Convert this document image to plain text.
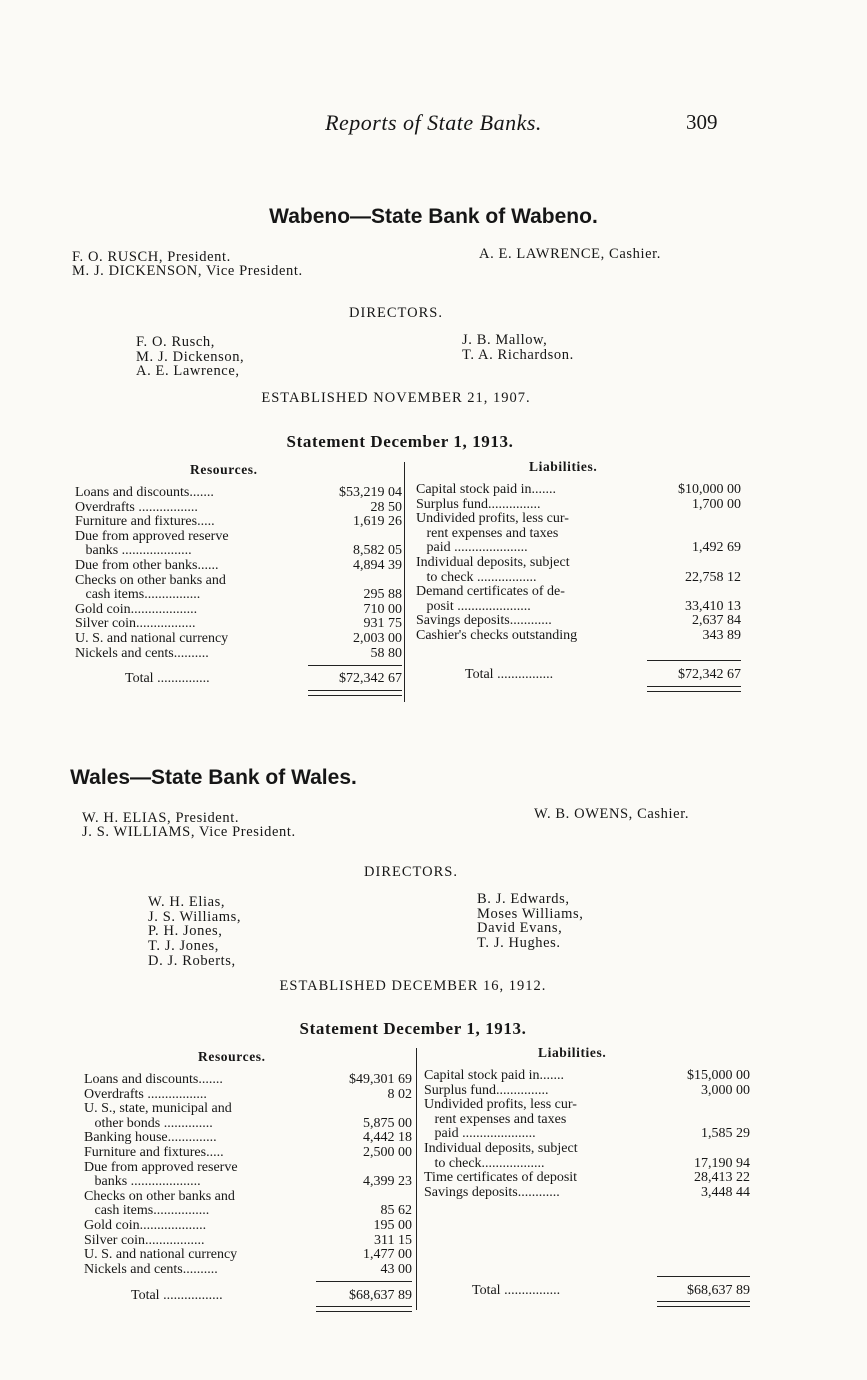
Reports of State Banks.	309
Wabeno—State Bank of Wabeno.
F. O. RUSCH, President.
M. J. DICKENSON, Vice President.
A. E. LAWRENCE, Cashier.
DIRECTORS.
F. O. Rusch,
M. J. Dickenson,
A. E. Lawrence,
J. B. Mallow,
T. A. Richardson.
ESTABLISHED NOVEMBER 21, 1907.
Statement December 1, 1913.
Resources.	Liabilities.
Loans and discounts.......	$53,219 04
Overdrafts .................	28 50
Furniture and fixtures.....	1,619 26
Due from approved reserve
banks ....................	8,582 05
Due from other banks......	4,894 39
Checks on other banks and
cash items................	295 88
Gold coin...................	710 00
Silver coin.................	931 75
U. S. and national currency	2,003 00
Nickels and cents..........	58 80
Total ...............	$72,342 67
Capital stock paid in.......	$10,000 00
Surplus fund...............	1,700 00
Undivided profits, less cur-
rent expenses and taxes
paid .....................	1,492 69
Individual deposits, subject
to check .................	22,758 12
Demand certificates of de-
posit .....................	33,410 13
Savings deposits............	2,637 84
Cashier's checks outstanding	343 89
Total ................	$72,342 67
Wales—State Bank of Wales.
W. H. ELIAS, President.
J. S. WILLIAMS, Vice President.
W. B. OWENS, Cashier.
DIRECTORS.
W. H. Elias,
J. S. Williams,
P. H. Jones,
T. J. Jones,
D. J. Roberts,
B. J. Edwards,
Moses Williams,
David Evans,
T. J. Hughes.
ESTABLISHED DECEMBER 16, 1912.
Statement December 1, 1913.
Resources.	Liabilities.
Loans and discounts.......	$49,301 69
Overdrafts .................	8 02
U. S., state, municipal and
other bonds ..............	5,875 00
Banking house..............	4,442 18
Furniture and fixtures.....	2,500 00
Due from approved reserve
banks ....................	4,399 23
Checks on other banks and
cash items................	85 62
Gold coin...................	195 00
Silver coin.................	311 15
U. S. and national currency	1,477 00
Nickels and cents..........	43 00
Total .................	$68,637 89
Capital stock paid in.......	$15,000 00
Surplus fund...............	3,000 00
Undivided profits, less cur-
rent expenses and taxes
paid .....................	1,585 29
Individual deposits, subject
to check..................	17,190 94
Time certificates of deposit	28,413 22
Savings deposits............	3,448 44
Total ................	$68,637 89
